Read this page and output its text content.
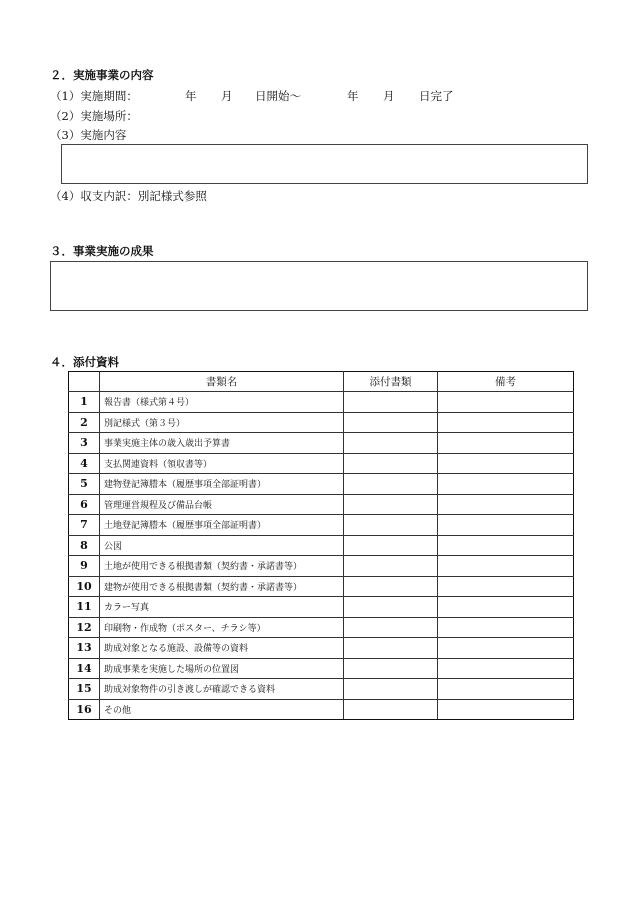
２．実施事業の内容
（1）実施期間：	年 月 日開始～	年 月 日完了
（2）実施場所：
（3）実施内容
（4）収支内訳：別記様式参照
３．事業実施の成果
４．添付資料
	書類名	添付書類	備考
1	報告書（様式第４号）		
2	別記様式（第３号）		
3	事業実施主体の歳入歳出予算書		
4	支払関連資料（領収書等）		
5	建物登記簿謄本（履歴事項全部証明書）		
6	管理運営規程及び備品台帳		
7	土地登記簿謄本（履歴事項全部証明書）		
8	公図		
9	土地が使用できる根拠書類（契約書・承諾書等）		
10	建物が使用できる根拠書類（契約書・承諾書等）		
11	カラー写真		
12	印刷物・作成物（ポスター、チラシ等）		
13	助成対象となる施設、設備等の資料		
14	助成事業を実施した場所の位置図		
15	助成対象物件の引き渡しが確認できる資料		
16	その他		
